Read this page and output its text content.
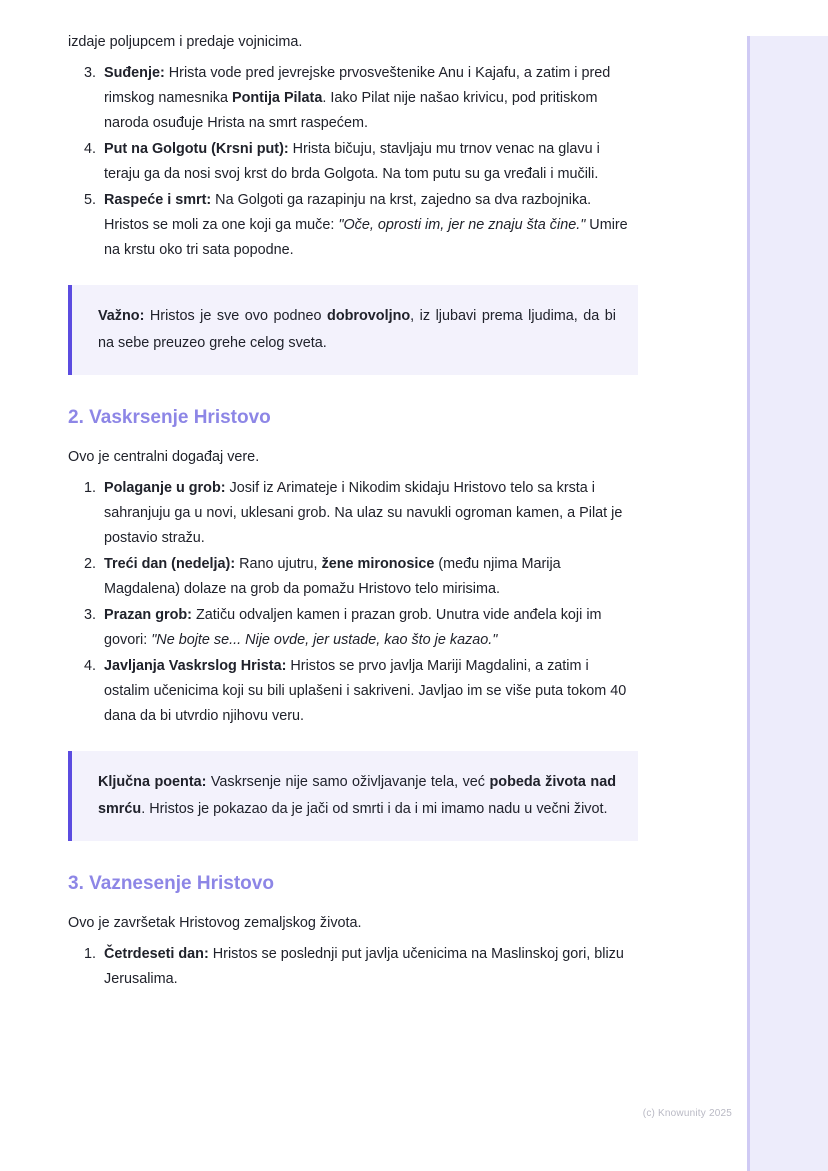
izdaje poljupcem i predaje vojnicima.

3. Suđenje: Hrista vode pred jevrejske prvosveštenike Anu i Kajafu, a zatim i pred rimskog namesnika Pontija Pilata. Iako Pilat nije našao krivicu, pod pritiskom naroda osuđuje Hrista na smrt raspećem.
4. Put na Golgotu (Krsni put): Hrista bičuju, stavljaju mu trnov venac na glavu i teraju ga da nosi svoj krst do brda Golgota. Na tom putu su ga vređali i mučili.
5. Raspeće i smrt: Na Golgoti ga razapinju na krst, zajedno sa dva razbojnika. Hristos se moli za one koji ga muče: "Oče, oprosti im, jer ne znaju šta čine." Umire na krstu oko tri sata popodne.

Važno: Hristos je sve ovo podneo dobrovoljno, iz ljubavi prema ljudima, da bi na sebe preuzeo grehe celog sveta.

2. Vaskrsenje Hristovo

Ovo je centralni događaj vere.

1. Polaganje u grob: Josif iz Arimateje i Nikodim skidaju Hristovo telo sa krsta i sahranjuju ga u novi, uklesani grob. Na ulaz su navukli ogroman kamen, a Pilat je postavio stražu.
2. Treći dan (nedelja): Rano ujutru, žene mironosice (među njima Marija Magdalena) dolaze na grob da pomažu Hristovo telo mirisima.
3. Prazan grob: Zatiču odvaljen kamen i prazan grob. Unutra vide anđela koji im govori: "Ne bojte se... Nije ovde, jer ustade, kao što je kazao."
4. Javljanja Vaskrslog Hrista: Hristos se prvo javlja Mariji Magdalini, a zatim i ostalim učenicima koji su bili uplašeni i sakriveni. Javljao im se više puta tokom 40 dana da bi utvrdio njihovu veru.

Ključna poenta: Vaskrsenje nije samo oživljavanje tela, već pobeda života nad smrću. Hristos je pokazao da je jači od smrti i da i mi imamo nadu u večni život.

3. Vaznesenje Hristovo

Ovo je završetak Hristovog zemaljskog života.

1. Četrdeseti dan: Hristos se poslednji put javlja učenicima na Maslinskoj gori, blizu Jerusalima.
(c) Knowunity 2025
